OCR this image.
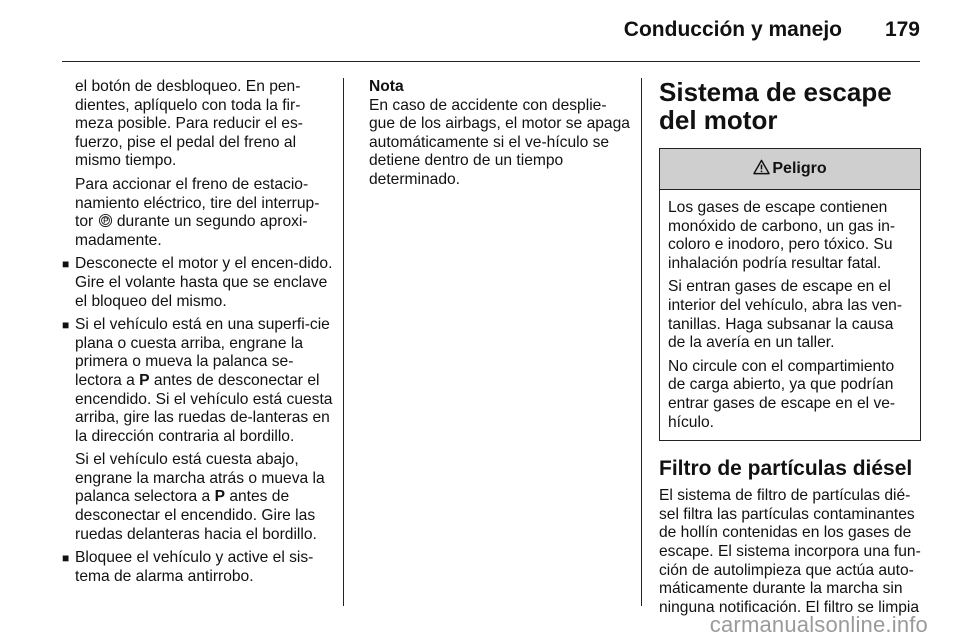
Conducción y manejo 179

el botón de desbloqueo. En pen-dientes, aplíquelo con toda la fir-meza posible. Para reducir el es-fuerzo, pise el pedal del freno al mismo tiempo.

Para accionar el freno de estacio-namiento eléctrico, tire del interrup-tor  durante un segundo aproxi-madamente.

■ Desconecte el motor y el encen-dido. Gire el volante hasta que se enclave el bloqueo del mismo.
■ Si el vehículo está en una superfi-cie plana o cuesta arriba, engrane la primera o mueva la palanca se-lectora a P antes de desconectar el encendido. Si el vehículo está cuesta arriba, gire las ruedas de-lanteras en la dirección contraria al bordillo.

Si el vehículo está cuesta abajo, engrane la marcha atrás o mueva la palanca selectora a P antes de desconectar el encendido. Gire las ruedas delanteras hacia el bordillo.

■ Bloquee el vehículo y active el sis-tema de alarma antirrobo.
Nota
En caso de accidente con desplie-gue de los airbags, el motor se apaga automáticamente si el ve-hículo se detiene dentro de un tiempo determinado.
Sistema de escape del motor
Peligro

Los gases de escape contienen monóxido de carbono, un gas in-coloro e inodoro, pero tóxico. Su inhalación podría resultar fatal.

Si entran gases de escape en el interior del vehículo, abra las ven-tanillas. Haga subsanar la causa de la avería en un taller.

No circule con el compartimiento de carga abierto, ya que podrían entrar gases de escape en el ve-hículo.

Filtro de partículas diésel

El sistema de filtro de partículas dié-sel filtra las partículas contaminantes de hollín contenidas en los gases de escape. El sistema incorpora una fun-ción de autolimpieza que actúa auto-máticamente durante la marcha sin ninguna notificación. El filtro se limpia

carmanualsonline.info
